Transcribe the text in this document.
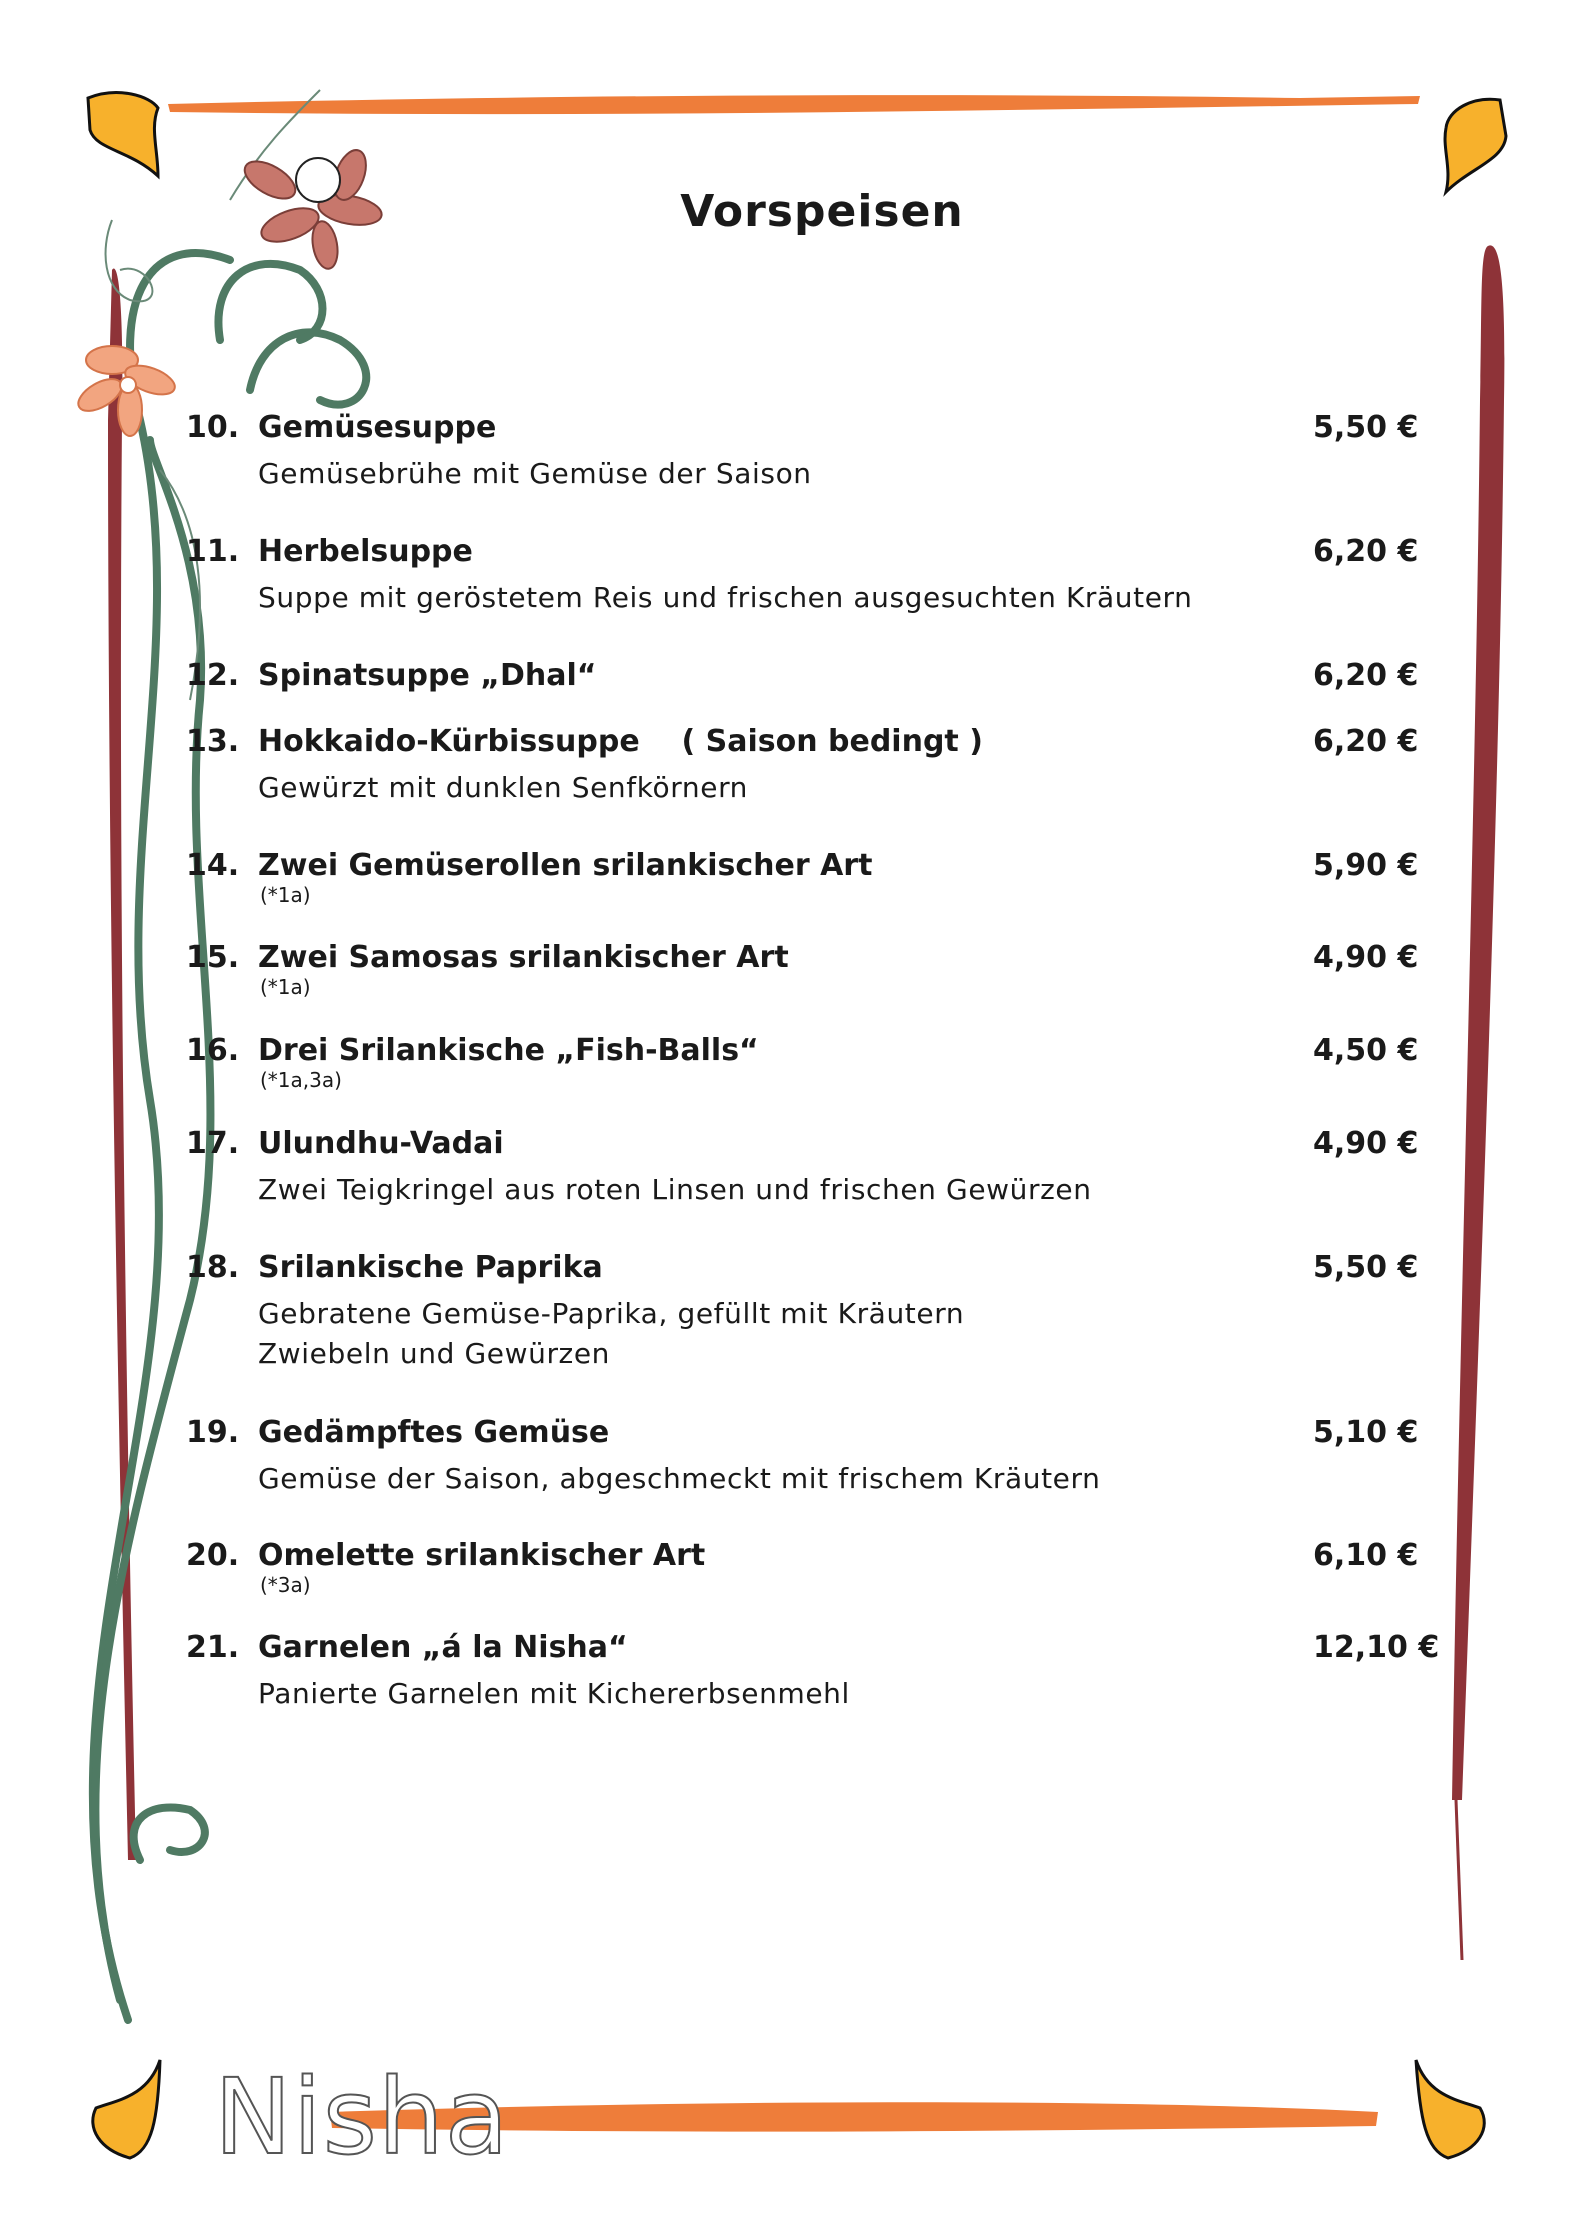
Vorspeisen
10. Gemüsesuppe	5,50 €
Gemüsebrühe mit Gemüse der Saison
11. Herbelsuppe	6,20 €
Suppe mit geröstetem Reis und frischen ausgesuchten Kräutern
12. Spinatsuppe „Dhal“	6,20 €
13. Hokkaido-Kürbissuppe    ( Saison bedingt )	6,20 €
Gewürzt mit dunklen Senfkörnern
14. Zwei Gemüserollen srilankischer Art	5,90 €
(*1a)
15. Zwei Samosas srilankischer Art	4,90 €
(*1a)
16. Drei Srilankische „Fish-Balls“	4,50 €
(*1a,3a)
17. Ulundhu-Vadai	4,90 €
Zwei Teigkringel aus roten Linsen und frischen Gewürzen
18. Srilankische Paprika	5,50 €
Gebratene Gemüse-Paprika, gefüllt mit Kräutern
Zwiebeln und Gewürzen
19. Gedämpftes Gemüse	5,10 €
Gemüse der Saison, abgeschmeckt mit frischem Kräutern
20. Omelette srilankischer Art	6,10 €
(*3a)
21. Garnelen „á la Nisha“	12,10 €
Panierte Garnelen mit Kichererbsenmehl
Nisha
